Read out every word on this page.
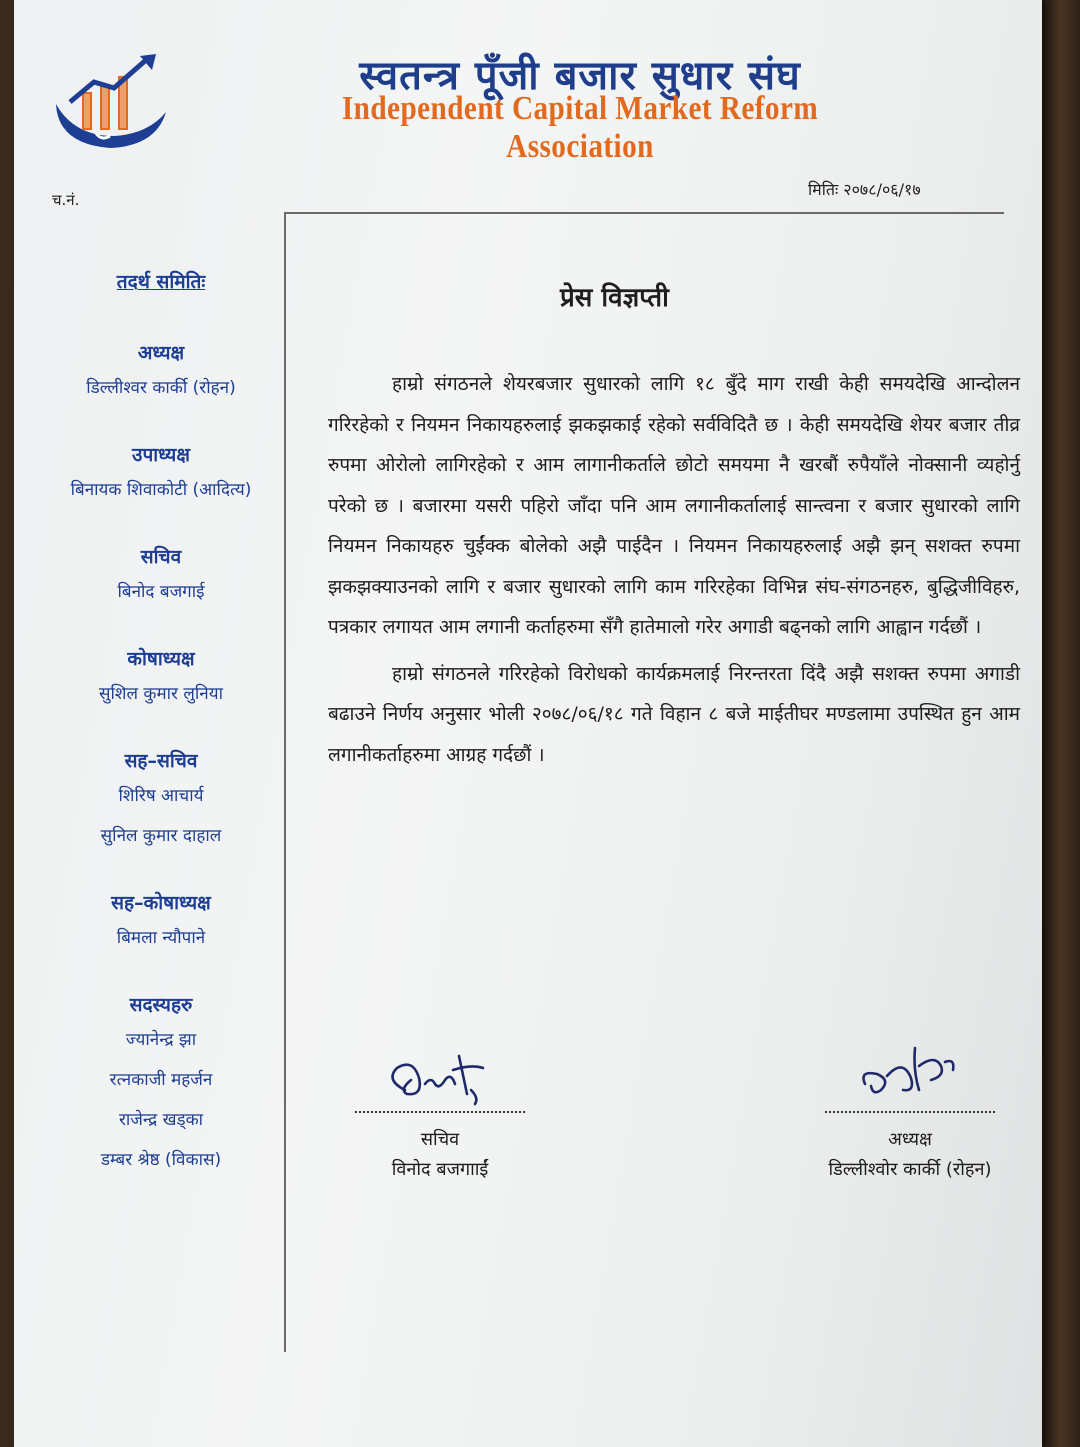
स्वतन्त्र पूँजी बजार सुधार संघ
Independent Capital Market Reform Association
च.नं.
मितिः २०७८/०६/१७
तदर्थ समितिः
अध्यक्ष
डिल्लीश्वर कार्की (रोहन)
उपाध्यक्ष
बिनायक शिवाकोटी (आदित्य)
सचिव
बिनोद बजगाई
कोषाध्यक्ष
सुशिल कुमार लुनिया
सह–सचिव
शिरिष आचार्य
सुनिल कुमार दाहाल
सह–कोषाध्यक्ष
बिमला न्यौपाने
सदस्यहरु
ज्यानेन्द्र झा
रत्नकाजी महर्जन
राजेन्द्र खड्का
डम्बर श्रेष्ठ (विकास)
प्रेस विज्ञप्ती

हाम्रो संगठनले शेयरबजार सुधारको लागि १८ बुँदे माग राखी केही समयदेखि आन्दोलन गरिरहेको र नियमन निकायहरुलाई झकझकाई रहेको सर्वविदितै छ । केही समयदेखि शेयर बजार तीव्र रुपमा ओरोलो लागिरहेको र आम लागानीकर्ताले छोटो समयमा नै खरबौं रुपैयाँले नोक्सानी व्यहोर्नु परेको छ । बजारमा यसरी पहिरो जाँदा पनि आम लगानीकर्तालाई सान्त्वना र बजार सुधारको लागि नियमन निकायहरु चुईंक्क बोलेको अझै पाईदैन । नियमन निकायहरुलाई अझै झन् सशक्त रुपमा झकझक्याउनको लागि र बजार सुधारको लागि काम गरिरहेका विभिन्न संघ-संगठनहरु, बुद्धिजीविहरु, पत्रकार लगायत आम लगानी कर्ताहरुमा सँगै हातेमालो गरेर अगाडी बढ्नको लागि आह्वान गर्दछौं ।

हाम्रो संगठनले गरिरहेको विरोधको कार्यक्रमलाई निरन्तरता दिंदै अझै सशक्त रुपमा अगाडी बढाउने निर्णय अनुसार भोली २०७८/०६/१८ गते विहान ८ बजे माईतीघर मण्डलामा उपस्थित हुन आम लगानीकर्ताहरुमा आग्रह गर्दछौं ।

सचिव
विनोद बजगााईं
अध्यक्ष
डिल्लीश्वोर कार्की (रोहन)
